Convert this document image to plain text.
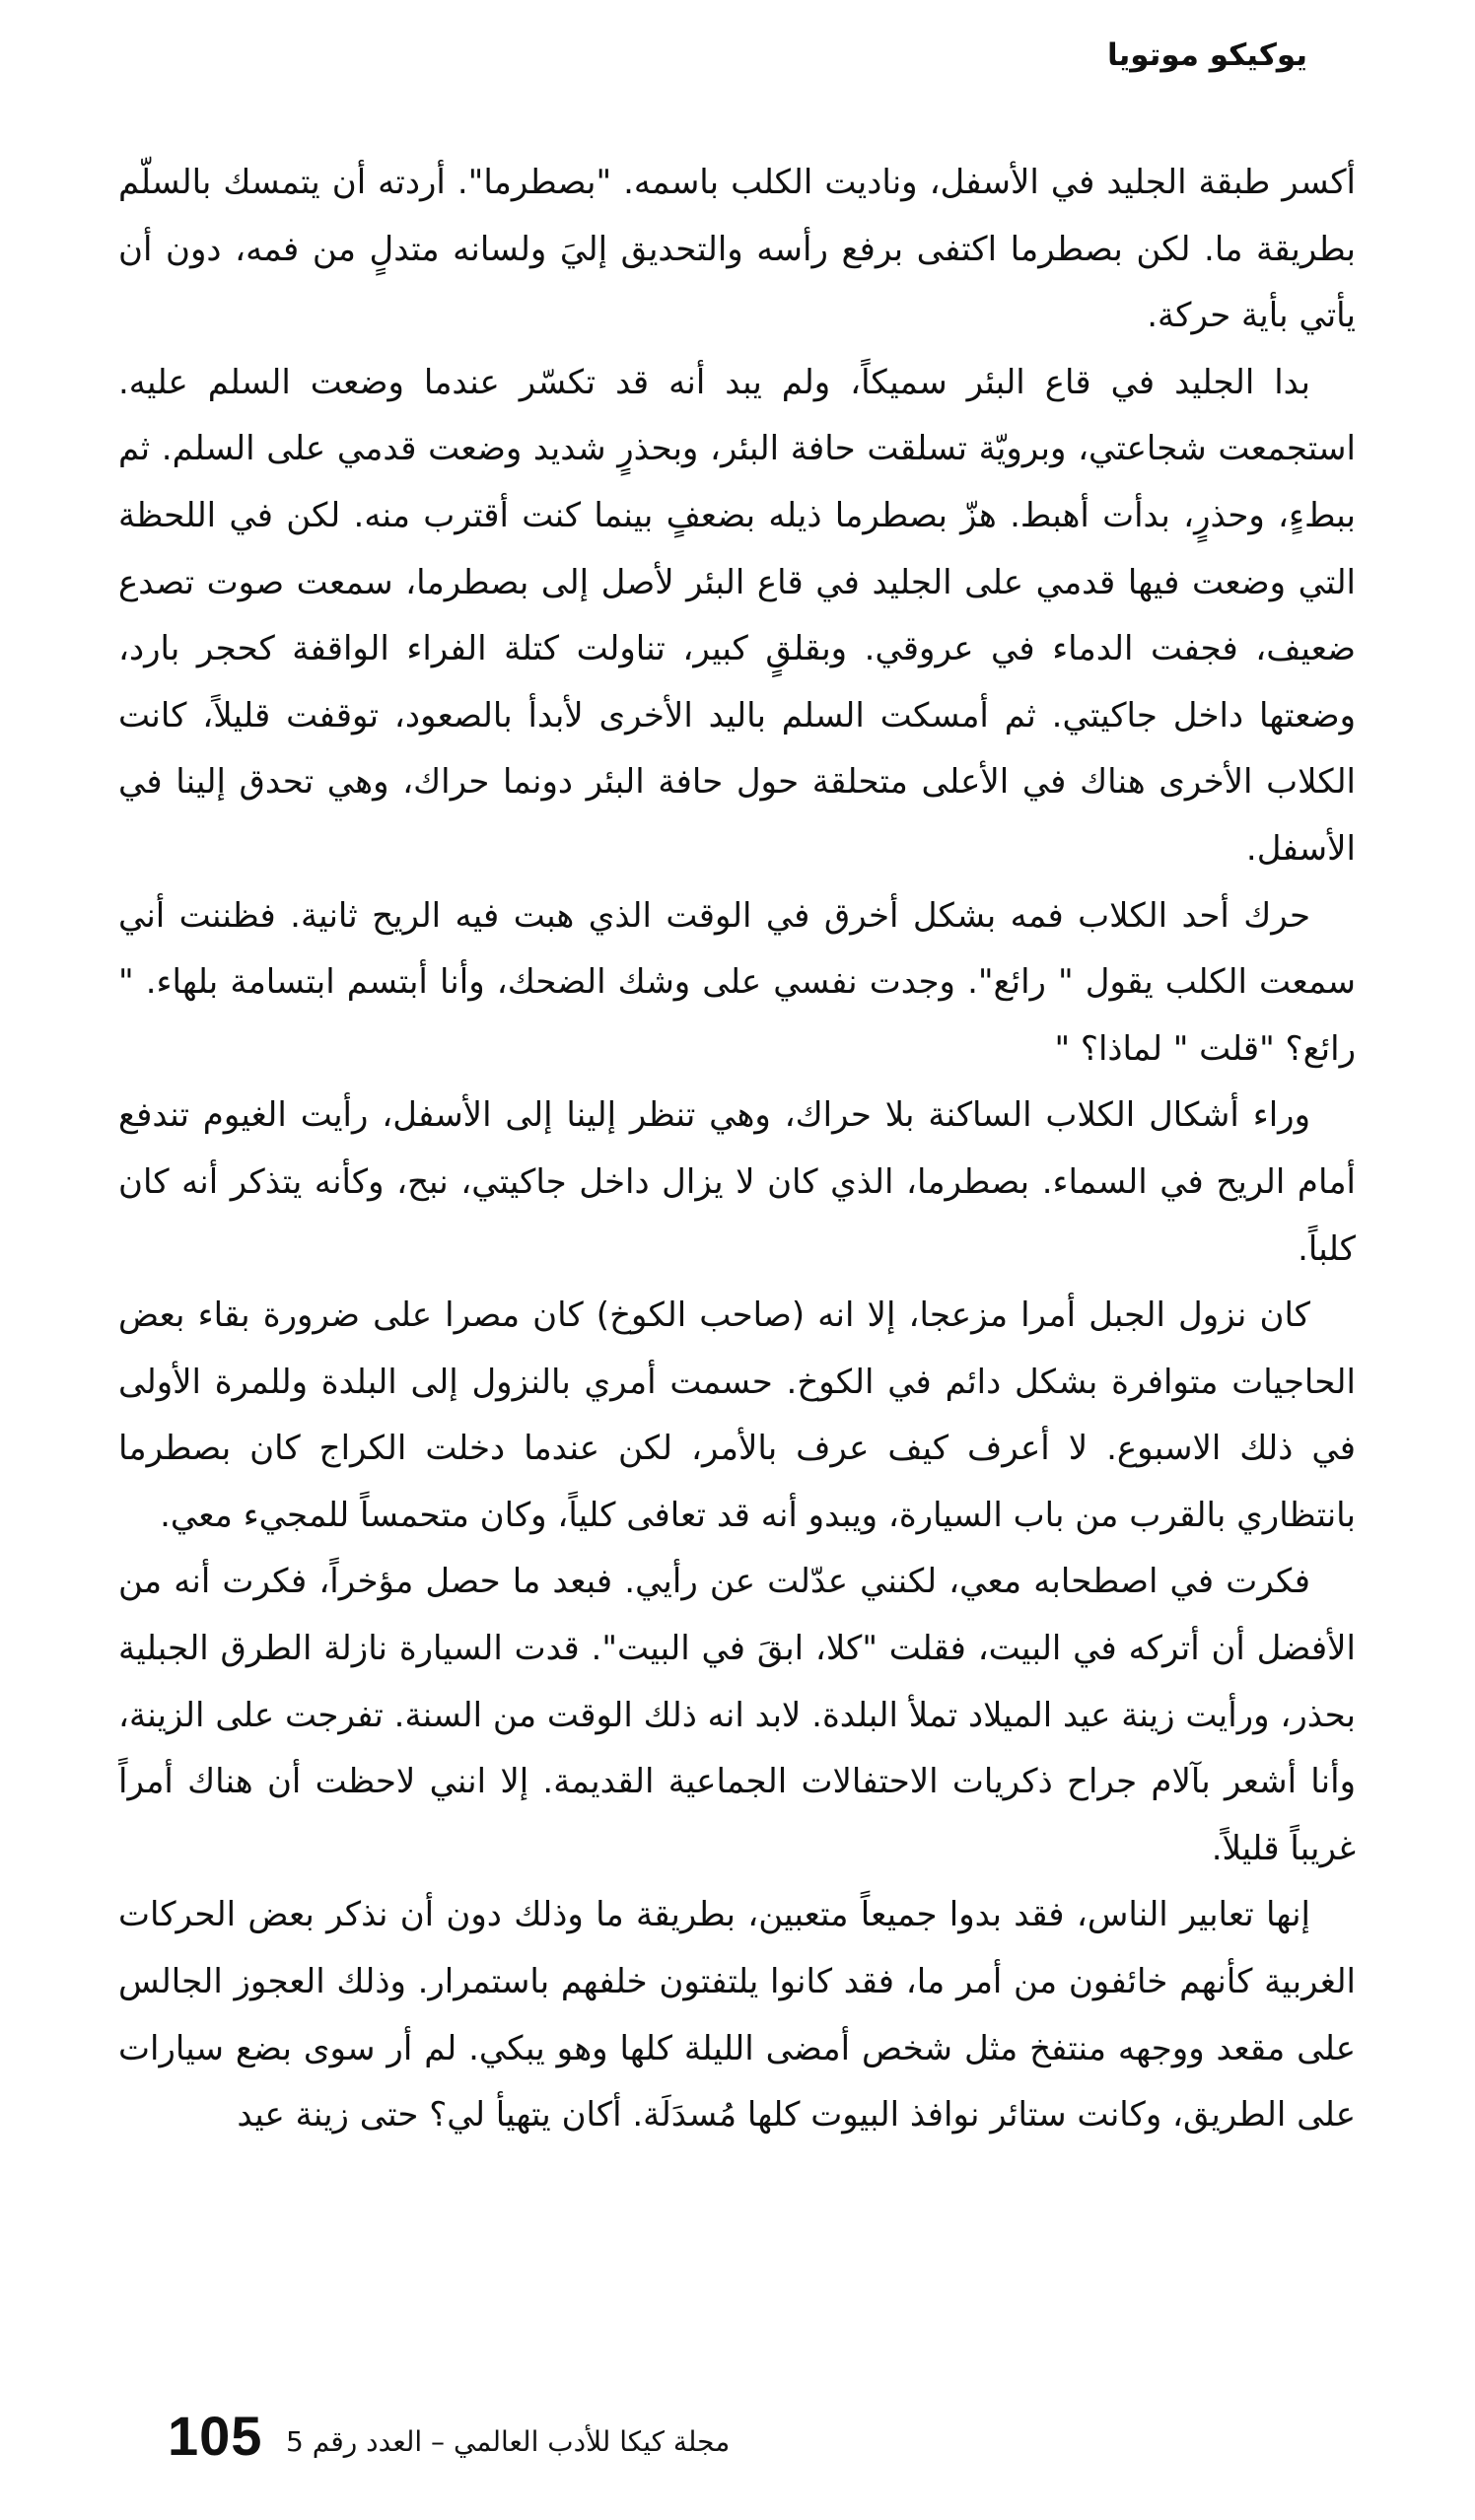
يوكيكو موتويا

أكسر طبقة الجليد في الأسفل، وناديت الكلب باسمه. "بصطرما". أردته أن يتمسك بالسلّم بطريقة ما. لكن بصطرما اكتفى برفع رأسه والتحديق إليَ ولسانه متدلٍ من فمه، دون أن يأتي بأية حركة.

بدا الجليد في قاع البئر سميكاً، ولم يبد أنه قد تكسّر عندما وضعت السلم عليه. استجمعت شجاعتي، وبرويّة تسلقت حافة البئر، وبحذرٍ شديد وضعت قدمي على السلم. ثم ببطءٍ، وحذرٍ، بدأت أهبط. هزّ بصطرما ذيله بضعفٍ بينما كنت أقترب منه. لكن في اللحظة التي وضعت فيها قدمي على الجليد في قاع البئر لأصل إلى بصطرما، سمعت صوت تصدع ضعيف، فجفت الدماء في عروقي. وبقلقٍ كبير، تناولت كتلة الفراء الواقفة كحجر بارد، وضعتها داخل جاكيتي. ثم أمسكت السلم باليد الأخرى لأبدأ بالصعود، توقفت قليلاً، كانت الكلاب الأخرى هناك في الأعلى متحلقة حول حافة البئر دونما حراك، وهي تحدق إلينا في الأسفل.

حرك أحد الكلاب فمه بشكل أخرق في الوقت الذي هبت فيه الريح ثانية. فظننت أني سمعت الكلب يقول " رائع". وجدت نفسي على وشك الضحك، وأنا أبتسم ابتسامة بلهاء. " رائع؟ "قلت " لماذا؟ "

وراء أشكال الكلاب الساكنة بلا حراك، وهي تنظر إلينا إلى الأسفل، رأيت الغيوم تندفع أمام الريح في السماء. بصطرما، الذي كان لا يزال داخل جاكيتي، نبح، وكأنه يتذكر أنه كان كلباً.

كان نزول الجبل أمرا مزعجا، إلا انه (صاحب الكوخ) كان مصرا على ضرورة بقاء بعض الحاجيات متوافرة بشكل دائم في الكوخ. حسمت أمري بالنزول إلى البلدة وللمرة الأولى في ذلك الاسبوع. لا أعرف كيف عرف بالأمر، لكن عندما دخلت الكراج كان بصطرما بانتظاري بالقرب من باب السيارة، ويبدو أنه قد تعافى كلياً، وكان متحمساً للمجيء معي.

فكرت في اصطحابه معي، لكنني عدّلت عن رأيي. فبعد ما حصل مؤخراً، فكرت أنه من الأفضل أن أتركه في البيت، فقلت "كلا، ابقَ في البيت". قدت السيارة نازلة الطرق الجبلية بحذر، ورأيت زينة عيد الميلاد تملأ البلدة. لابد انه ذلك الوقت من السنة. تفرجت على الزينة، وأنا أشعر بآلام جراح ذكريات الاحتفالات الجماعية القديمة. إلا انني لاحظت أن هناك أمراً غريباً قليلاً.

إنها تعابير الناس، فقد بدوا جميعاً متعبين، بطريقة ما وذلك دون أن نذكر بعض الحركات الغربية كأنهم خائفون من أمر ما، فقد كانوا يلتفتون خلفهم باستمرار. وذلك العجوز الجالس على مقعد ووجهه منتفخ مثل شخص أمضى الليلة كلها وهو يبكي. لم أر سوى بضع سيارات على الطريق، وكانت ستائر نوافذ البيوت كلها مُسدَلَة. أكان يتهيأ لي؟ حتى زينة عيد

105 مجلة كيكا للأدب العالمي – العدد رقم 5
